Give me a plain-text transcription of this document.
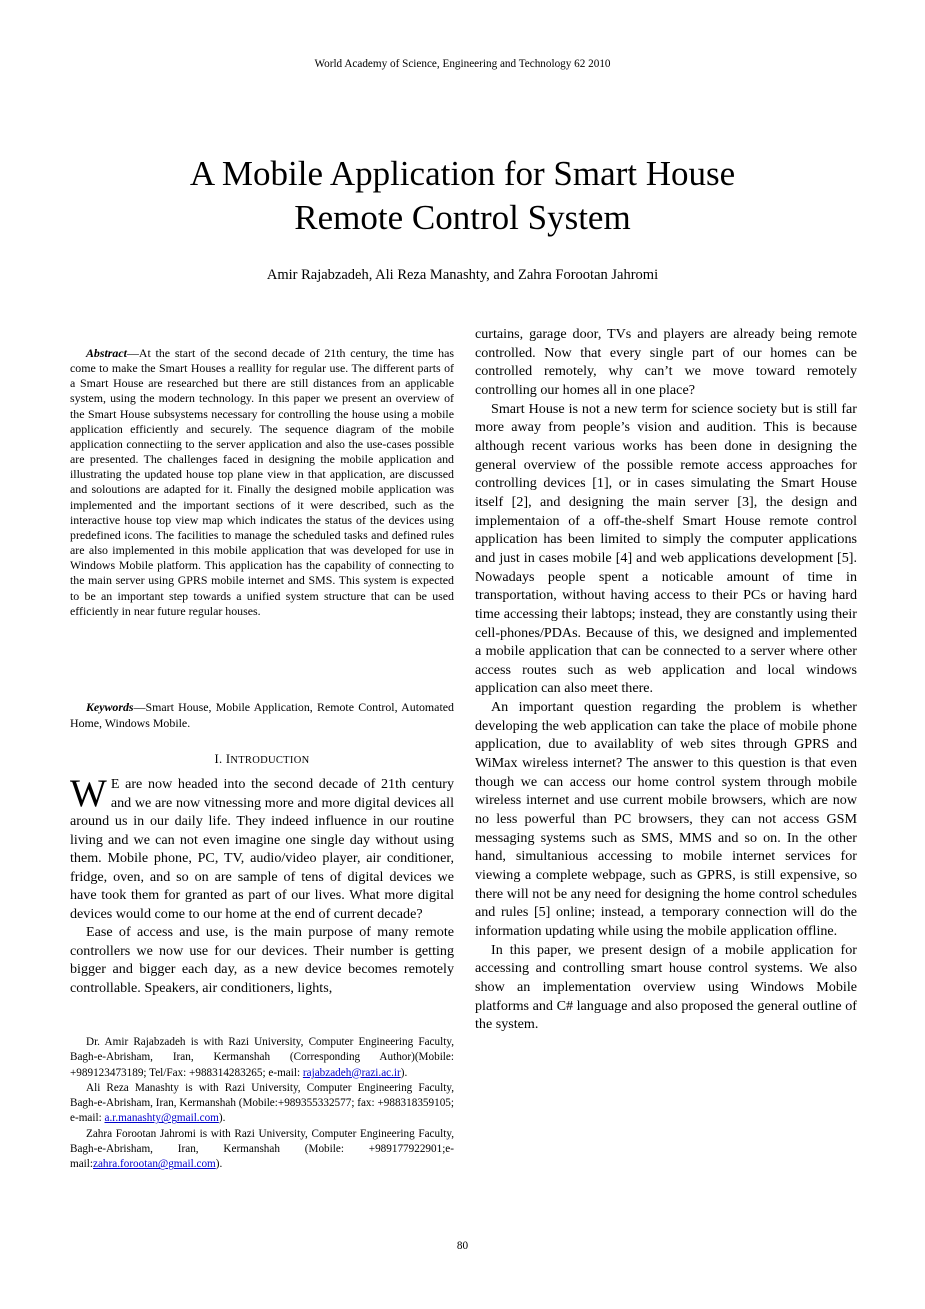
World Academy of Science, Engineering and Technology 62 2010
A Mobile Application for Smart House
Remote Control System
Amir Rajabzadeh, Ali Reza Manashty, and Zahra Forootan Jahromi

Abstract—At the start of the second decade of 21th century, the time has come to make the Smart Houses a reallity for regular use. The different parts of a Smart House are researched but there are still distances from an applicable system, using the modern technology. In this paper we present an overview of the Smart House subsystems necessary for controlling the house using a mobile application efficiently and securely. The sequence diagram of the mobile application connectiing to the server application and also the use-cases possible are presented. The challenges faced in designing the mobile application and illustrating the updated house top plane view in that application, are discussed and soloutions are adapted for it. Finally the designed mobile application was implemented and the important sections of it were described, such as the interactive house top view map which indicates the status of the devices using predefined icons. The facilities to manage the scheduled tasks and defined rules are also implemented in this mobile application that was developed for use in Windows Mobile platform. This application has the capability of connecting to the main server using GPRS mobile internet and SMS. This system is expected to be an important step towards a unified system structure that can be used efficiently in near future regular houses.

Keywords—Smart House, Mobile Application, Remote Control, Automated Home, Windows Mobile.

I. INTRODUCTION

W E are now headed into the second decade of 21th century and we are now vitnessing more and more digital devices all around us in our daily life. They indeed influence in our routine living and we can not even imagine one single day without using them. Mobile phone, PC, TV, audio/video player, air conditioner, fridge, oven, and so on are sample of tens of digital devices we have took them for granted as part of our lives. What more digital devices would come to our home at the end of current decade?

Ease of access and use, is the main purpose of many remote controllers we now use for our devices. Their number is getting bigger and bigger each day, as a new device becomes remotely controllable. Speakers, air conditioners, lights,

Dr. Amir Rajabzadeh is with Razi University, Computer Engineering Faculty, Bagh-e-Abrisham, Iran, Kermanshah (Corresponding Author)(Mobile: +989123473189; Tel/Fax: +988314283265; e-mail: rajabzadeh@razi.ac.ir).

Ali Reza Manashty is with Razi University, Computer Engineering Faculty, Bagh-e-Abrisham, Iran, Kermanshah (Mobile:+989355332577; fax: +988318359105; e-mail: a.r.manashty@gmail.com).

Zahra Forootan Jahromi is with Razi University, Computer Engineering Faculty, Bagh-e-Abrisham, Iran, Kermanshah (Mobile: +989177922901;e-mail:zahra.forootan@gmail.com).

curtains, garage door, TVs and players are already being remote controlled. Now that every single part of our homes can be controlled remotely, why can’t we move toward remotely controlling our homes all in one place?

Smart House is not a new term for science society but is still far more away from people’s vision and audition. This is because although recent various works has been done in designing the general overview of the possible remote access approaches for controlling devices [1], or in cases simulating the Smart House itself [2], and designing the main server [3], the design and implementaion of a off-the-shelf Smart House remote control application has been limited to simply the computer applications and just in cases mobile [4] and web applications development [5]. Nowadays people spent a noticable amount of time in transportation, without having access to their PCs or having hard time accessing their labtops; instead, they are constantly using their cell-phones/PDAs. Because of this, we designed and implemented a mobile application that can be connected to a server where other access routes such as web application and local windows application can also meet there.

An important question regarding the problem is whether developing the web application can take the place of mobile phone application, due to availablity of web sites through GPRS and WiMax wireless internet? The answer to this question is that even though we can access our home control system through mobile wireless internet and use current mobile browsers, which are now no less powerful than PC browsers, they can not access GSM messaging systems such as SMS, MMS and so on. In the other hand, simultanious accessing to mobile internet services for viewing a complete webpage, such as GPRS, is still expensive, so there will not be any need for designing the home control schedules and rules [5] online; instead, a temporary connection will do the information updating while using the mobile application offline.

In this paper, we present design of a mobile application for accessing and controlling smart house control systems. We also show an implementation overview using Windows Mobile platforms and C# language and also proposed the general outline of the system.

80
